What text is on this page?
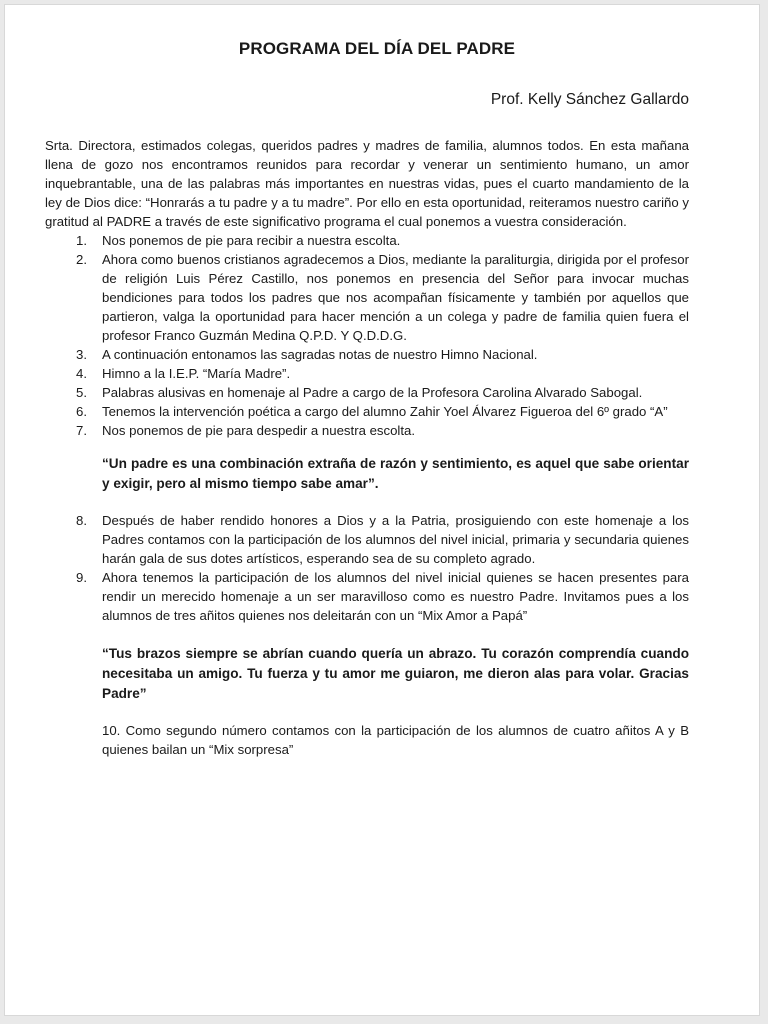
PROGRAMA DEL DÍA DEL PADRE
Prof. Kelly Sánchez Gallardo

Srta. Directora, estimados colegas, queridos padres y madres de familia, alumnos todos. En esta mañana llena de gozo nos encontramos reunidos para recordar y venerar un sentimiento humano, un amor inquebrantable, una de las palabras más importantes en nuestras vidas, pues el cuarto mandamiento de la ley de Dios dice: “Honrarás a tu padre y a tu madre”. Por ello en esta oportunidad, reiteramos nuestro cariño y gratitud al PADRE a través de este significativo programa el cual ponemos a vuestra consideración.

1. Nos ponemos de pie para recibir a nuestra escolta.
2. Ahora como buenos cristianos agradecemos a Dios, mediante la paraliturgia, dirigida por el profesor de religión Luis Pérez Castillo, nos ponemos en presencia del Señor para invocar muchas bendiciones para todos los padres que nos acompañan físicamente y también por aquellos que partieron, valga la oportunidad para hacer mención a un colega y padre de familia quien fuera el profesor Franco Guzmán Medina Q.P.D. Y Q.D.D.G.
3. A continuación entonamos las sagradas notas de nuestro Himno Nacional.
4. Himno a la I.E.P. “María Madre”.
5. Palabras alusivas en homenaje al Padre a cargo de la Profesora Carolina Alvarado Sabogal.
6. Tenemos la intervención poética a cargo del alumno Zahir Yoel Álvarez Figueroa del 6º grado “A”
7. Nos ponemos de pie para despedir a nuestra escolta.

“Un padre es una combinación extraña de razón y sentimiento, es aquel que sabe orientar y exigir, pero al mismo tiempo sabe amar”.

8. Después de haber rendido honores a Dios y a la Patria, prosiguiendo con este homenaje a los Padres contamos con la participación de los alumnos del nivel inicial, primaria y secundaria quienes harán gala de sus dotes artísticos, esperando sea de su completo agrado.
9. Ahora tenemos la participación de los alumnos del nivel inicial quienes se hacen presentes para rendir un merecido homenaje a un ser maravilloso como es nuestro Padre. Invitamos pues a los alumnos de tres añitos quienes nos deleitarán con un “Mix Amor a Papá”

“Tus brazos siempre se abrían cuando quería un abrazo. Tu corazón comprendía cuando necesitaba un amigo. Tu fuerza y tu amor me guiaron, me dieron alas para volar. Gracias Padre”

10. Como segundo número contamos con la participación de los alumnos de cuatro añitos A y B quienes bailan un “Mix sorpresa”
